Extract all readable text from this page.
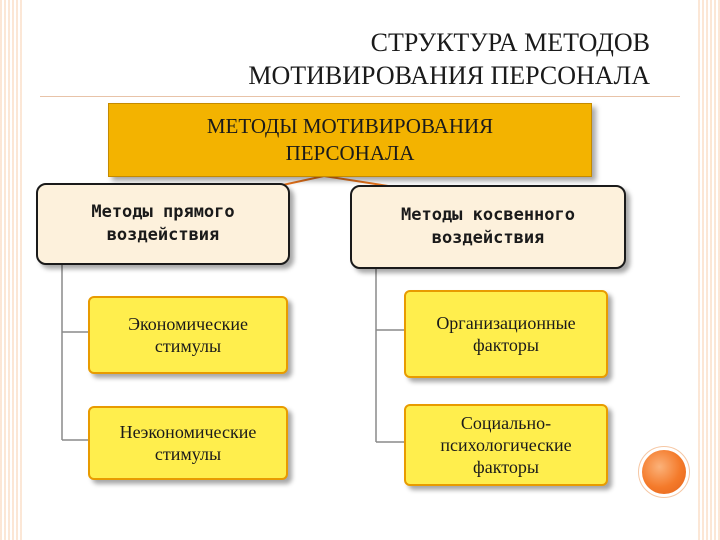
СТРУКТУРА МЕТОДОВ
МОТИВИРОВАНИЯ ПЕРСОНАЛА
МЕТОДЫ МОТИВИРОВАНИЯ
ПЕРСОНАЛА
Методы прямого
воздействия
Методы косвенного
воздействия
Экономические
стимулы
Неэкономические
стимулы
Организационные
факторы
Социально-
психологические
факторы
